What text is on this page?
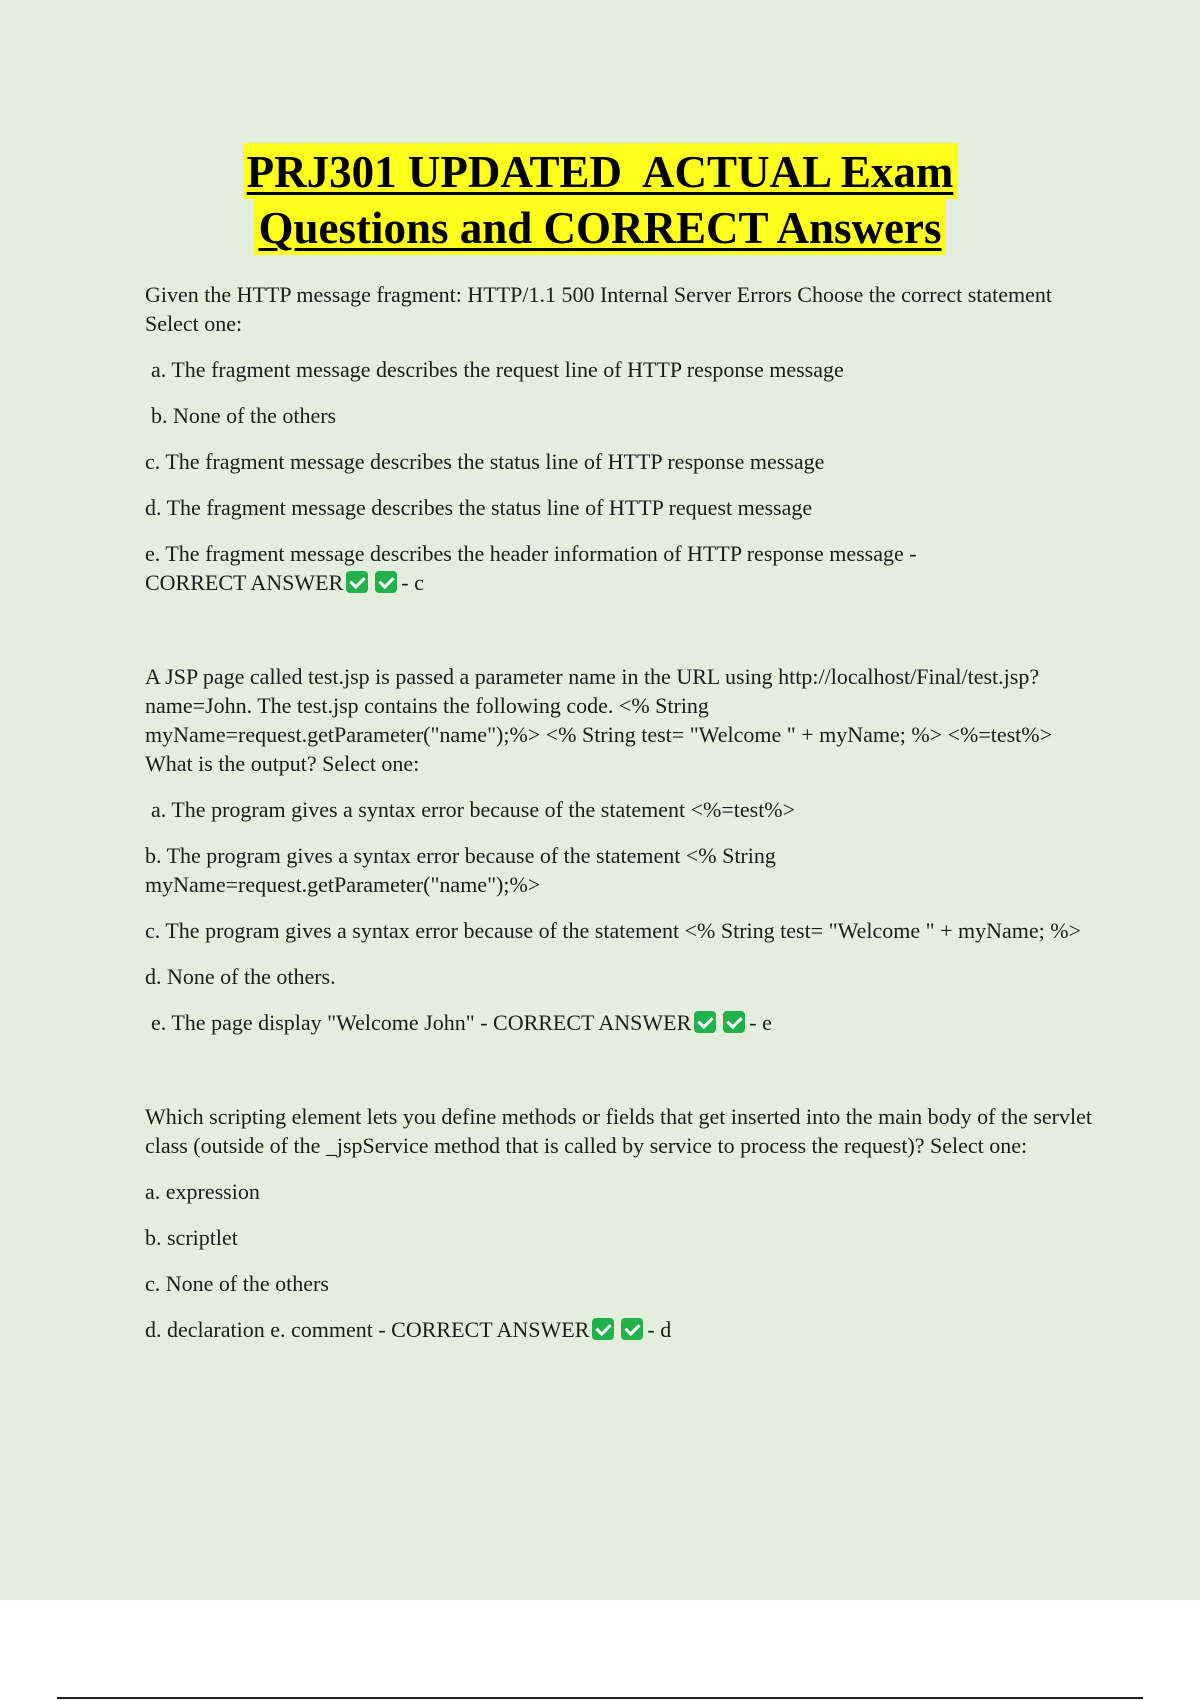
PRJ301 UPDATED  ACTUAL Exam
Questions and CORRECT Answers

Given the HTTP message fragment: HTTP/1.1 500 Internal Server Errors Choose the correct statement Select one:

a. The fragment message describes the request line of HTTP response message

b. None of the others

c. The fragment message describes the status line of HTTP response message

d. The fragment message describes the status line of HTTP request message

e. The fragment message describes the header information of HTTP response message -
CORRECT ANSWER	- c

A JSP page called test.jsp is passed a parameter name in the URL using http://localhost/Final/test.jsp?name=John. The test.jsp contains the following code. <% String myName=request.getParameter("name");%> <% String test= "Welcome " + myName; %> <%=test%> What is the output? Select one:

a. The program gives a syntax error because of the statement <%=test%>

b. The program gives a syntax error because of the statement <% String myName=request.getParameter("name");%>

c. The program gives a syntax error because of the statement <% String test= "Welcome " + myName; %>

d. None of the others.

e. The page display "Welcome John" - CORRECT ANSWER	- e

Which scripting element lets you define methods or fields that get inserted into the main body of the servlet class (outside of the _jspService method that is called by service to process the request)? Select one:

a. expression

b. scriptlet

c. None of the others

d. declaration e. comment - CORRECT ANSWER	- d
